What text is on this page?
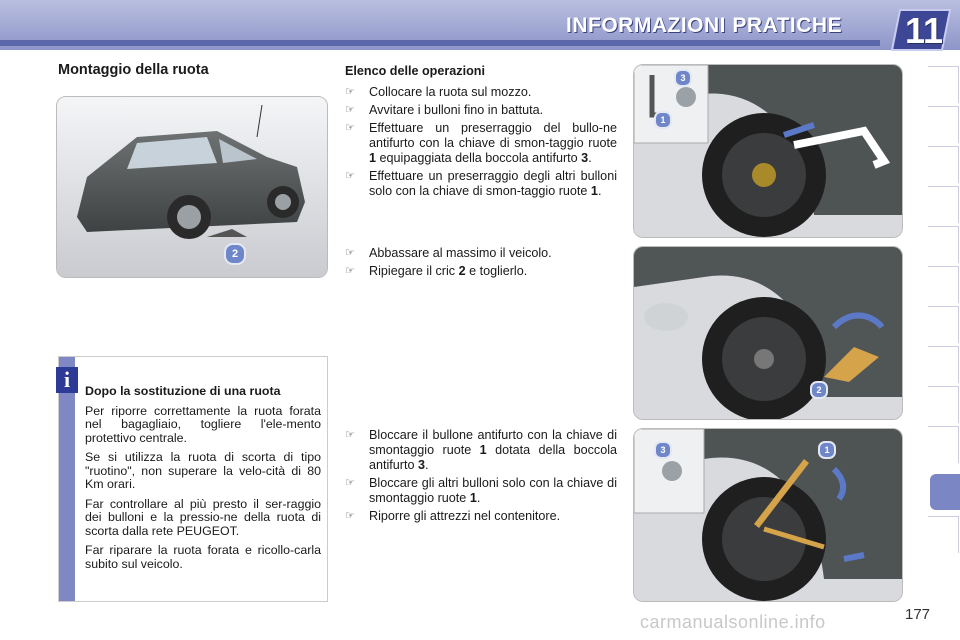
INFORMAZIONI PRATICHE 11
Montaggio della ruota
2
Elenco delle operazioni
☞ Collocare la ruota sul mozzo.
☞ Avvitare i bulloni fino in battuta.
☞ Effettuare un preserraggio del bullo-ne antifurto con la chiave di smon-taggio ruote 1 equipaggiata della boccola antifurto 3.
☞ Effettuare un preserraggio degli altri bulloni solo con la chiave di smon-taggio ruote 1.
☞ Abbassare al massimo il veicolo.
☞ Ripiegare il cric 2 e toglierlo.
☞ Bloccare il bullone antifurto con la chiave di smontaggio ruote 1 dotata della boccola antifurto 3.
☞ Bloccare gli altri bulloni solo con la chiave di smontaggio ruote 1.
☞ Riporre gli attrezzi nel contenitore.
3
1
2
3	1
i	Dopo la sostituzione di una ruota

Per riporre correttamente la ruota forata nel bagagliaio, togliere l'ele-mento protettivo centrale.

Se si utilizza la ruota di scorta di tipo "ruotino", non superare la velo-cità di 80 Km orari.

Far controllare al più presto il ser-raggio dei bulloni e la pressio-ne della ruota di scorta dalla rete PEUGEOT.

Far riparare la ruota forata e ricollo-carla subito sul veicolo.

carmanualsonline.info	177
